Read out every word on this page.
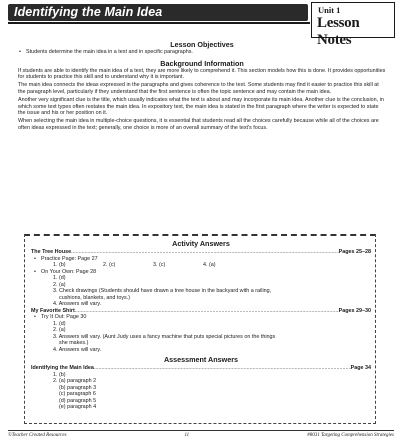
Identifying the Main Idea	Unit 1
Lesson Notes
Lesson Objectives
• Students determine the main idea in a text and in specific paragraphs.
Background Information

If students are able to identify the main idea of a text, they are more likely to comprehend it. This section models how this is done. It provides opportunities for students to practice this skill and to understand why it is important.

The main idea connects the ideas expressed in the paragraphs and gives coherence to the text. Some students may find it easier to practice this skill at the paragraph level, particularly if they understand that the first sentence is often the topic sentence and may contain the main idea.

Another very significant clue is the title, which usually indicates what the text is about and may incorporate its main idea. Another clue is the conclusion, in which some text types often restates the main idea. In expository text, the main idea is stated in the first paragraph where the writer is expected to state the issue and his or her position on it.

When selecting the main idea in multiple-choice questions, it is essential that students read all the choices carefully because while all of the choices are often ideas expressed in the text; generally, one choice is more of an overall summary of the text's focus.

Activity Answers
The Tree House .....	Pages 25–28
• Practice Page: Page 27
1. (b)	2. (c)	3. (c)	4. (a)
• On Your Own: Page 28
1. (d)
2. (a)
3. Check drawings (Students should have drawn a tree house in the backyard with a railing,
cushions, blankets, and toys.)
4. Answers will vary.
My Favorite Shirt .....	Pages 29–30
• Try It Out: Page 30
1. (d)
2. (a)
3. Answers will vary. (Aunt Judy uses a fancy machine that puts special pictures on the things
she makes.)
4. Answers will vary.
Assessment Answers
Identifying the Main Idea .....	Page 34
1. (b)
2. (a) paragraph 2
(b) paragraph 3
(c) paragraph 6
(d) paragraph 5
(e) paragraph 4
©Teacher Created Resources	11	#8031 Targeting Comprehension Strategies
